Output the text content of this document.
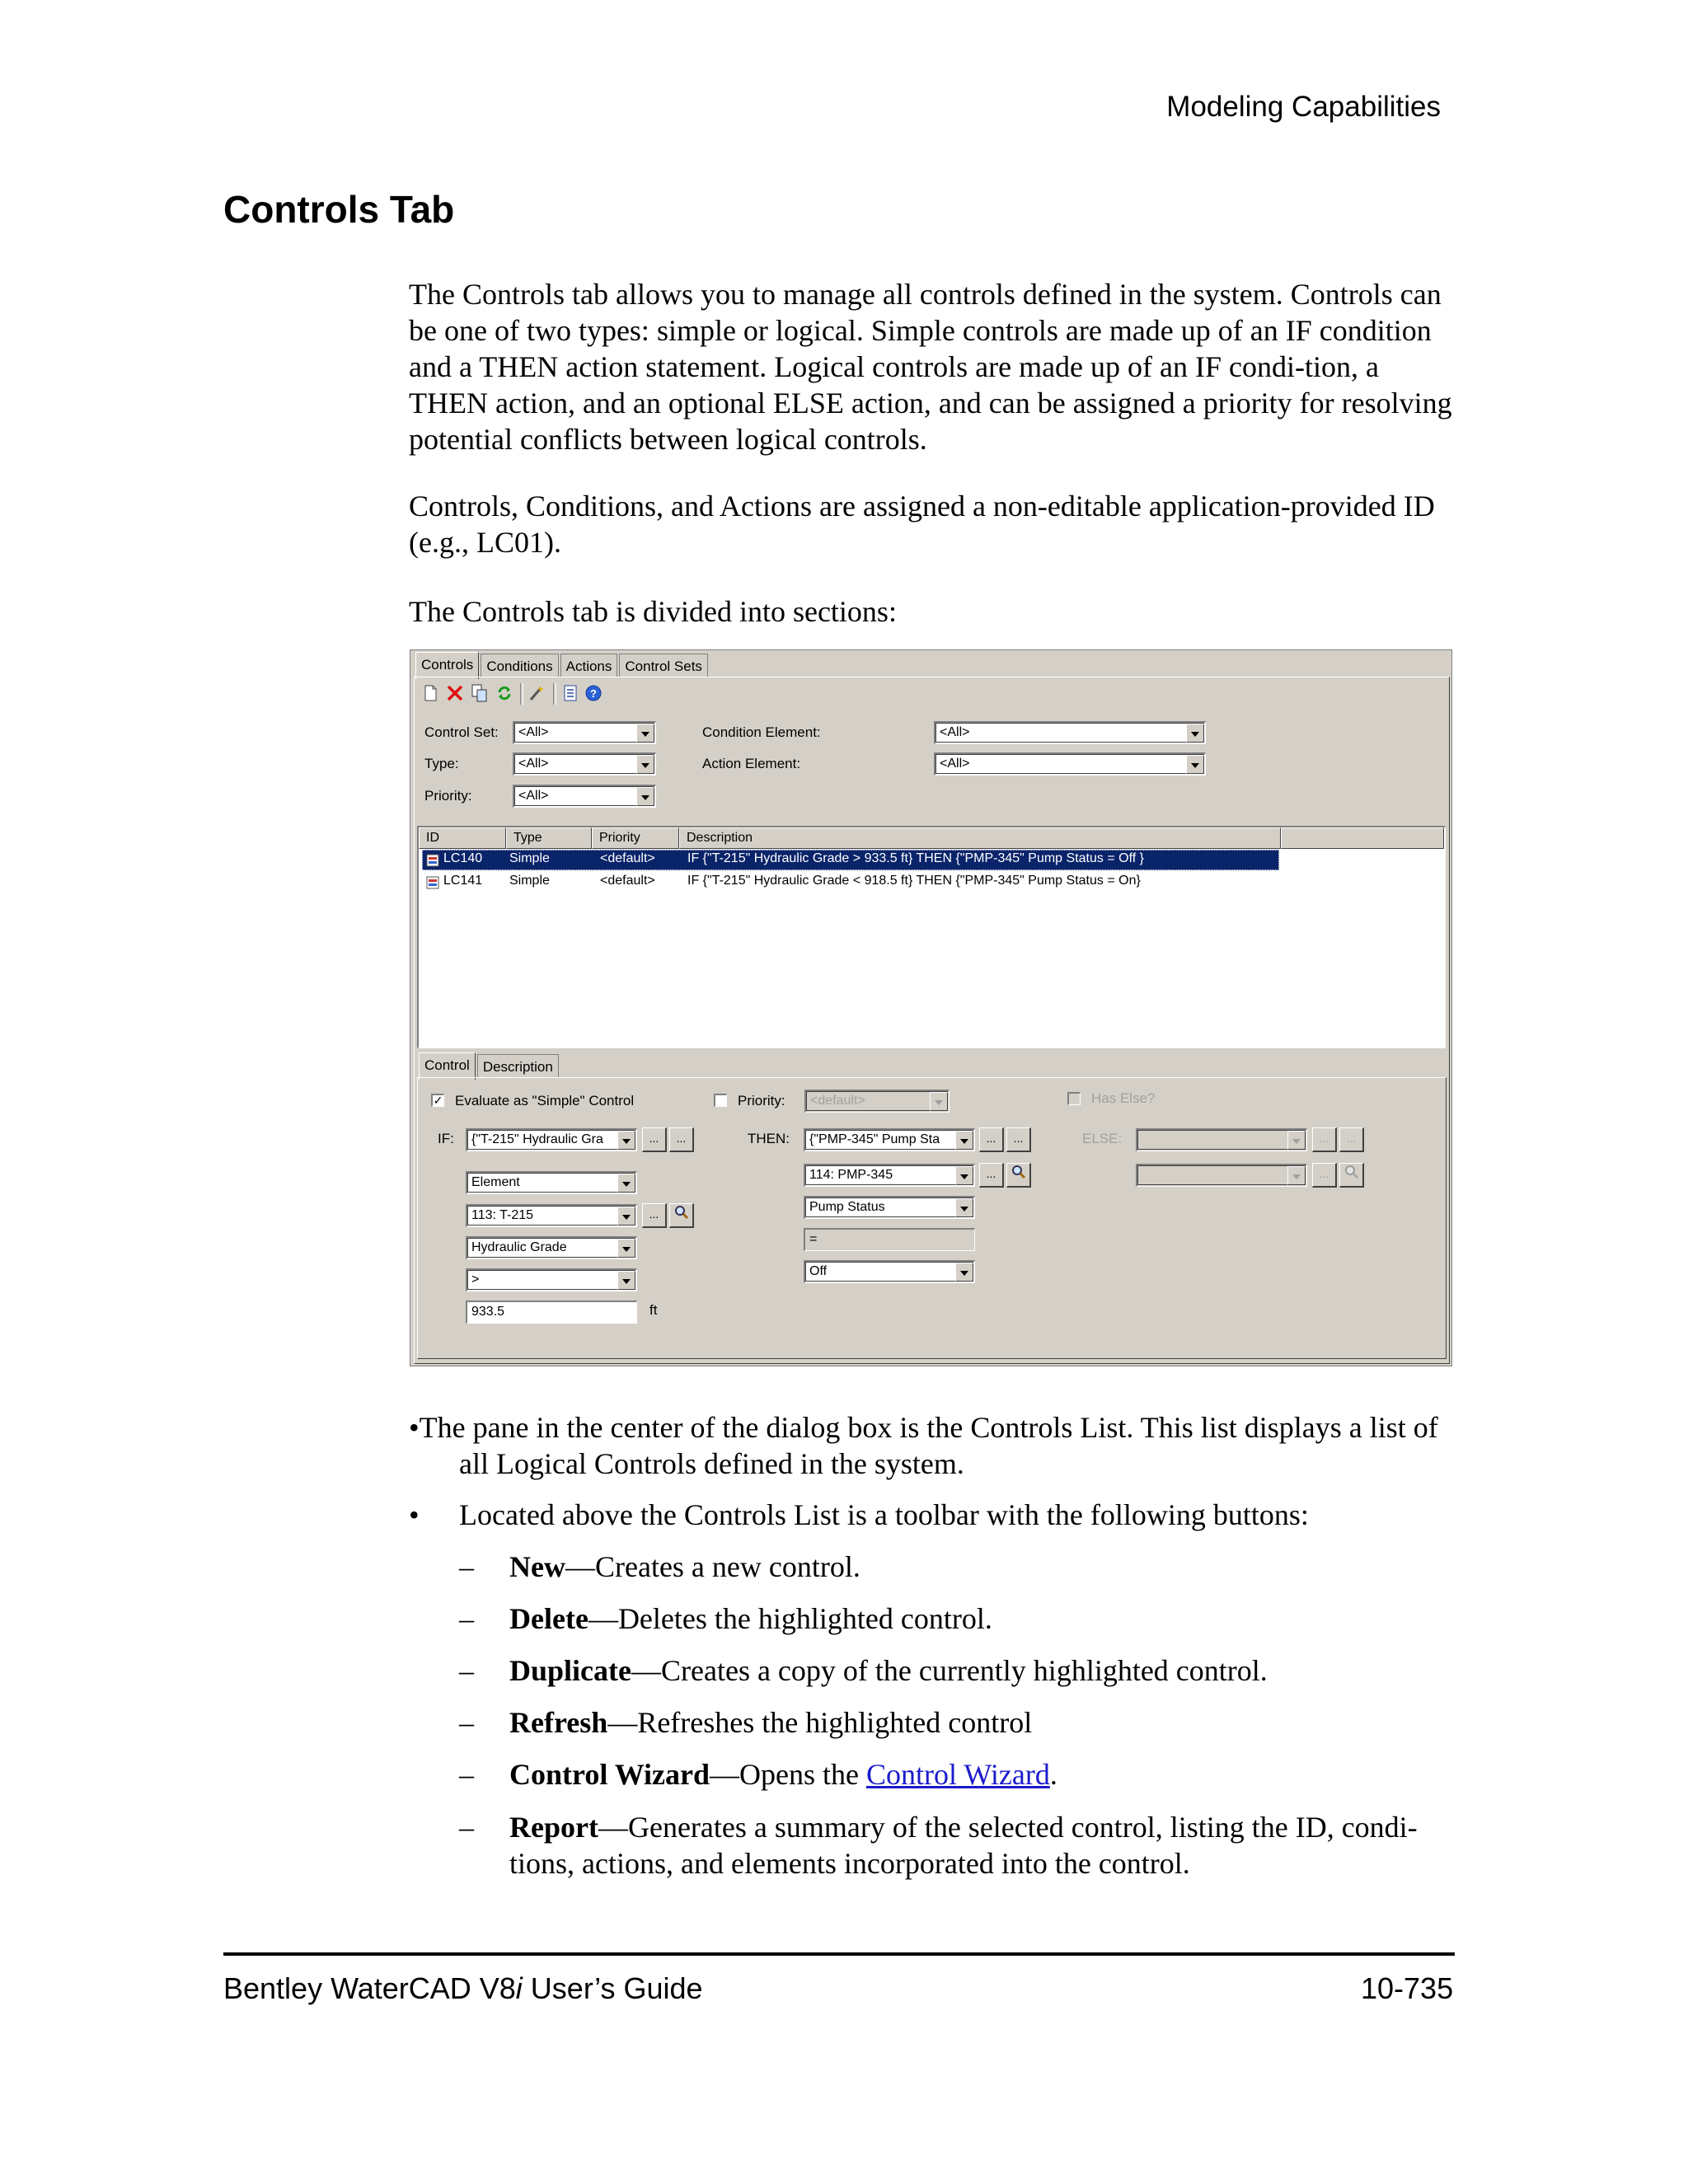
Modeling Capabilities
Controls Tab

The Controls tab allows you to manage all controls defined in the system. Controls can be one of two types: simple or logical. Simple controls are made up of an IF condition and a THEN action statement. Logical controls are made up of an IF condi-tion, a THEN action, and an optional ELSE action, and can be assigned a priority for resolving potential conflicts between logical controls.

Controls, Conditions, and Actions are assigned a non-editable application-provided ID (e.g., LC01).

The Controls tab is divided into sections:

Controls Conditions Actions Control Sets
?
Control Set: <All>
Type:	<All>
Priority:	<All>
Condition Element:	<All>
Action Element:	<All>
ID	Type	Priority	Description
LC140 Simple	<default> IF {"T-215" Hydraulic Grade > 933.5 ft} THEN {"PMP-345" Pump Status = Off }
LC141 Simple	<default> IF {"T-215" Hydraulic Grade < 918.5 ft} THEN {"PMP-345" Pump Status = On}
Control Description
✓ Evaluate as "Simple" Control	Priority: <default>	Has Else?
IF: {"T-215" Hydraulic Gra	...	...
Element
113: T-215	...
Hydraulic Grade
>
933.5	ft
THEN: {"PMP-345" Pump Sta	...	...
114: PMP-345	...
Pump Status
=
Off
ELSE:	...	...
...

•The pane in the center of the dialog box is the Controls List. This list displays a list of

all Logical Controls defined in the system.

• Located above the Controls List is a toolbar with the following buttons:

– New—Creates a new control.

– Delete—Deletes the highlighted control.

– Duplicate—Creates a copy of the currently highlighted control.

– Refresh—Refreshes the highlighted control

– Control Wizard—Opens the Control Wizard.

– Report—Generates a summary of the selected control, listing the ID, condi-tions, actions, and elements incorporated into the control.

Bentley WaterCAD V8i User’s Guide	10-735
